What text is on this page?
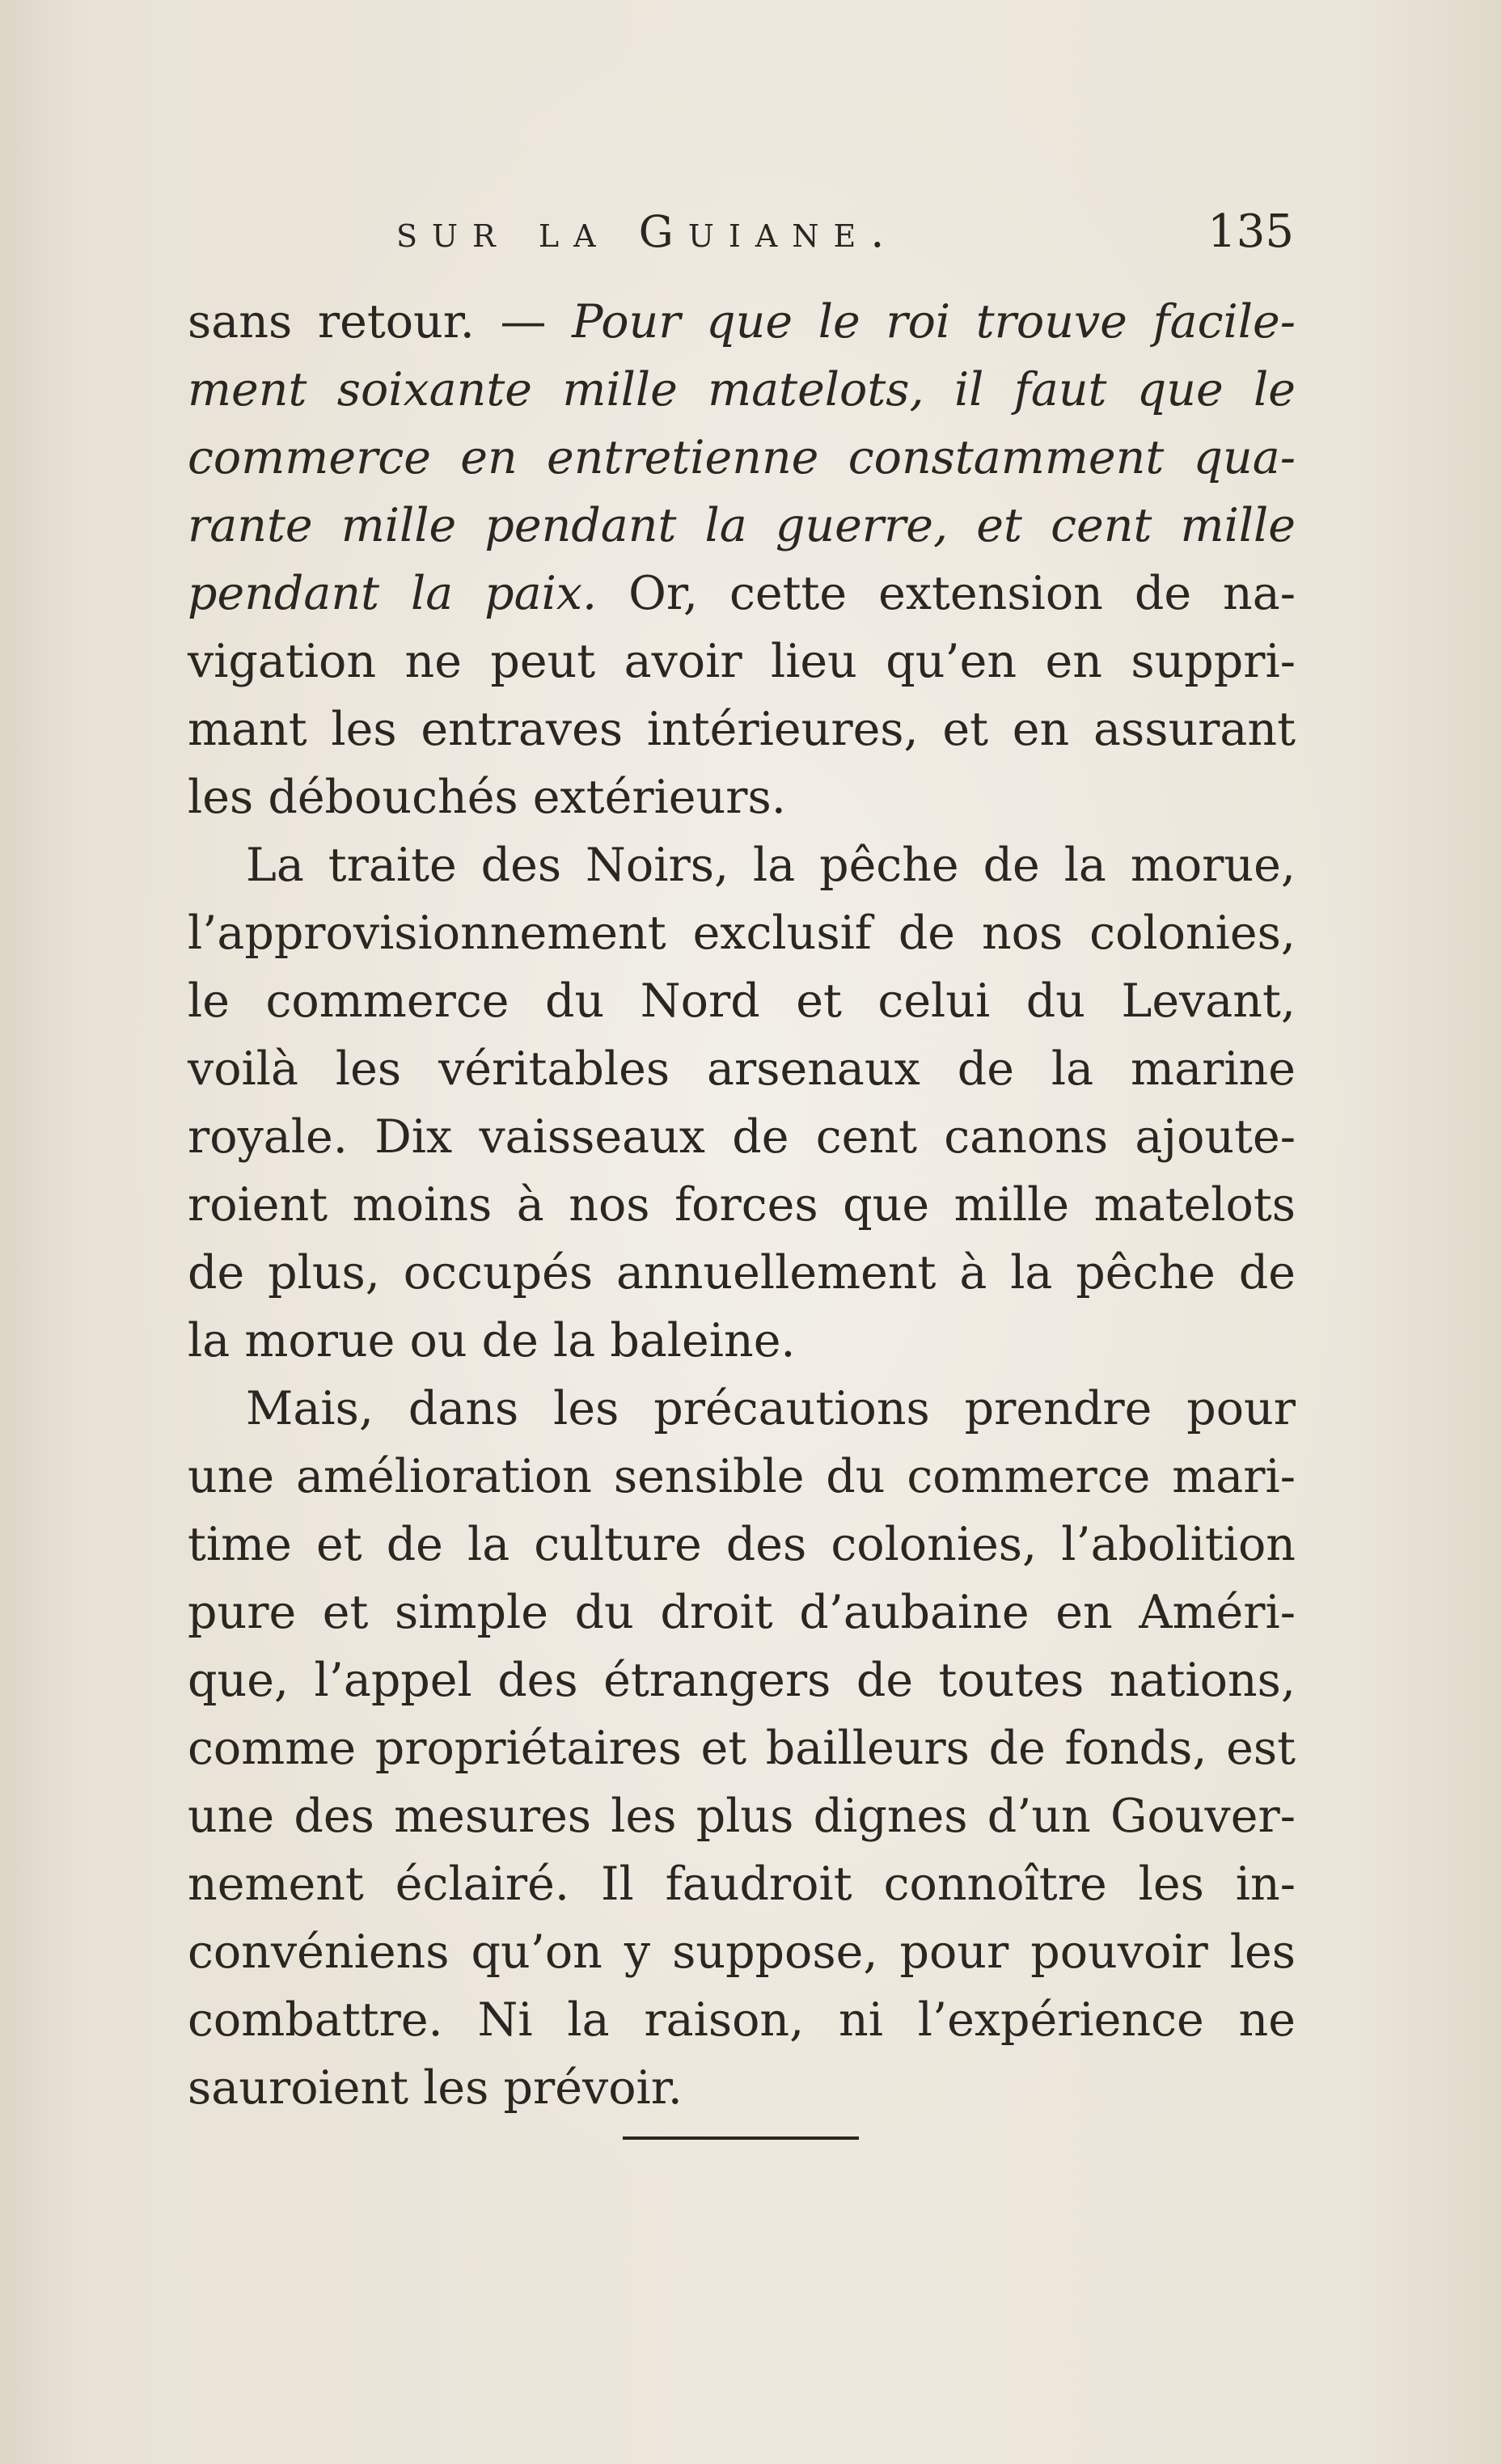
sur la Guiane.	135
sans retour. — Pour que le roi trouve facile-
ment soixante mille matelots, il faut que le
commerce en entretienne constamment qua-
rante mille pendant la guerre, et cent mille
pendant la paix. Or, cette extension de na-
vigation ne peut avoir lieu qu’en en suppri-
mant les entraves intérieures, et en assurant
les débouchés extérieurs.
La traite des Noirs, la pêche de la morue,
l’approvisionnement exclusif de nos colonies,
le commerce du Nord et celui du Levant,
voilà les véritables arsenaux de la marine
royale. Dix vaisseaux de cent canons ajoute-
roient moins à nos forces que mille matelots
de plus, occupés annuellement à la pêche de
la morue ou de la baleine.
Mais, dans les précautions prendre pour
une amélioration sensible du commerce mari-
time et de la culture des colonies, l’abolition
pure et simple du droit d’aubaine en Améri-
que, l’appel des étrangers de toutes nations,
comme propriétaires et bailleurs de fonds, est
une des mesures les plus dignes d’un Gouver-
nement éclairé. Il faudroit connoître les in-
convéniens qu’on y suppose, pour pouvoir les
combattre. Ni la raison, ni l’expérience ne
sauroient les prévoir.
